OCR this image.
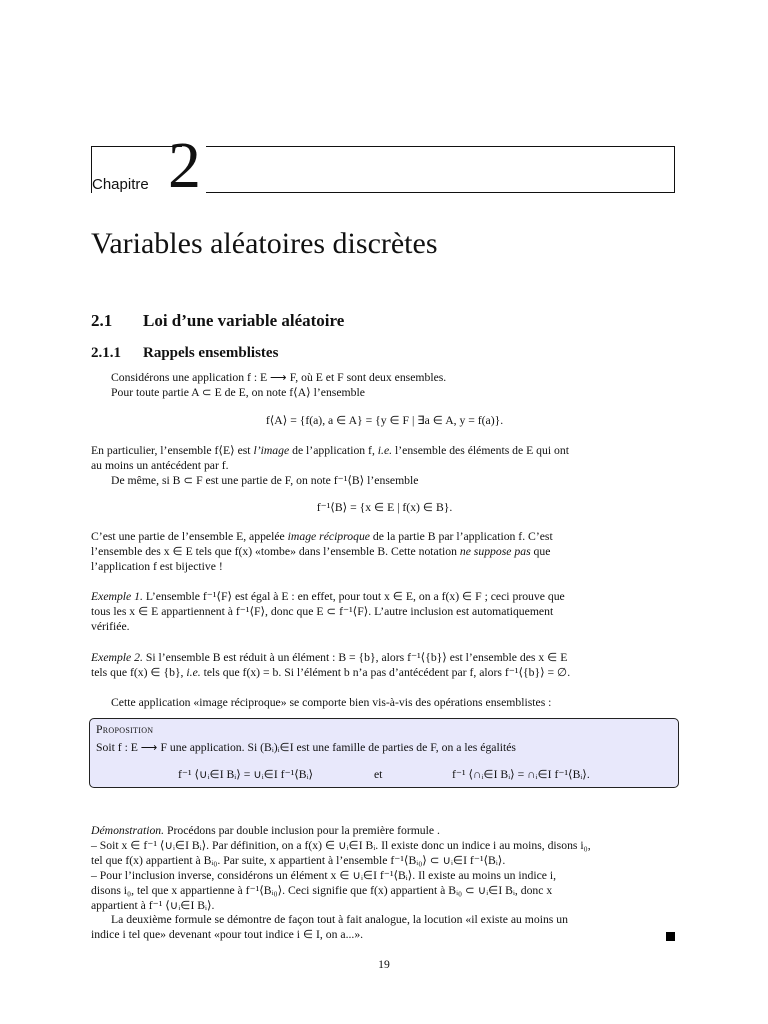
Chapitre 2
Variables aléatoires discrètes
2.1 Loi d’une variable aléatoire
2.1.1 Rappels ensemblistes
Considérons une application f : E ⟶ F, où E et F sont deux ensembles.
Pour toute partie A ⊂ E de E, on note f⟨A⟩ l’ensemble
f⟨A⟩ = {f(a), a ∈ A} = {y ∈ F | ∃a ∈ A, y = f(a)}.
En particulier, l’ensemble f⟨E⟩ est l’image de l’application f, i.e. l’ensemble des éléments de E qui ont
au moins un antécédent par f.
De même, si B ⊂ F est une partie de F, on note f⁻¹⟨B⟩ l’ensemble
f⁻¹⟨B⟩ = {x ∈ E | f(x) ∈ B}.
C’est une partie de l’ensemble E, appelée image réciproque de la partie B par l’application f. C’est
l’ensemble des x ∈ E tels que f(x) «tombe» dans l’ensemble B. Cette notation ne suppose pas que
l’application f est bijective !
Exemple 1. L’ensemble f⁻¹⟨F⟩ est égal à E : en effet, pour tout x ∈ E, on a f(x) ∈ F ; ceci prouve que
tous les x ∈ E appartiennent à f⁻¹⟨F⟩, donc que E ⊂ f⁻¹⟨F⟩. L’autre inclusion est automatiquement
vérifiée.
Exemple 2. Si l’ensemble B est réduit à un élément : B = {b}, alors f⁻¹⟨{b}⟩ est l’ensemble des x ∈ E
tels que f(x) ∈ {b}, i.e. tels que f(x) = b. Si l’élément b n’a pas d’antécédent par f, alors f⁻¹⟨{b}⟩ = ∅.
Cette application «image réciproque» se comporte bien vis-à-vis des opérations ensemblistes :
Proposition
Soit f : E ⟶ F une application. Si (Bᵢ)ᵢ∈I est une famille de parties de F, on a les égalités
f⁻¹ ⟨∪ᵢ∈I Bᵢ⟩ = ∪ᵢ∈I f⁻¹⟨Bᵢ⟩	et	f⁻¹ ⟨∩ᵢ∈I Bᵢ⟩ = ∩ᵢ∈I f⁻¹⟨Bᵢ⟩.
Démonstration. Procédons par double inclusion pour la première formule .
– Soit x ∈ f⁻¹ ⟨∪ᵢ∈I Bᵢ⟩. Par définition, on a f(x) ∈ ∪ᵢ∈I Bᵢ. Il existe donc un indice i au moins, disons i₀,
tel que f(x) appartient à Bᵢ₀. Par suite, x appartient à l’ensemble f⁻¹⟨Bᵢ₀⟩ ⊂ ∪ᵢ∈I f⁻¹⟨Bᵢ⟩.
– Pour l’inclusion inverse, considérons un élément x ∈ ∪ᵢ∈I f⁻¹⟨Bᵢ⟩. Il existe au moins un indice i,
disons i₀, tel que x appartienne à f⁻¹⟨Bᵢ₀⟩. Ceci signifie que f(x) appartient à Bᵢ₀ ⊂ ∪ᵢ∈I Bᵢ, donc x
appartient à f⁻¹ ⟨∪ᵢ∈I Bᵢ⟩.
La deuxième formule se démontre de façon tout à fait analogue, la locution «il existe au moins un
indice i tel que» devenant «pour tout indice i ∈ I, on a...».
19
